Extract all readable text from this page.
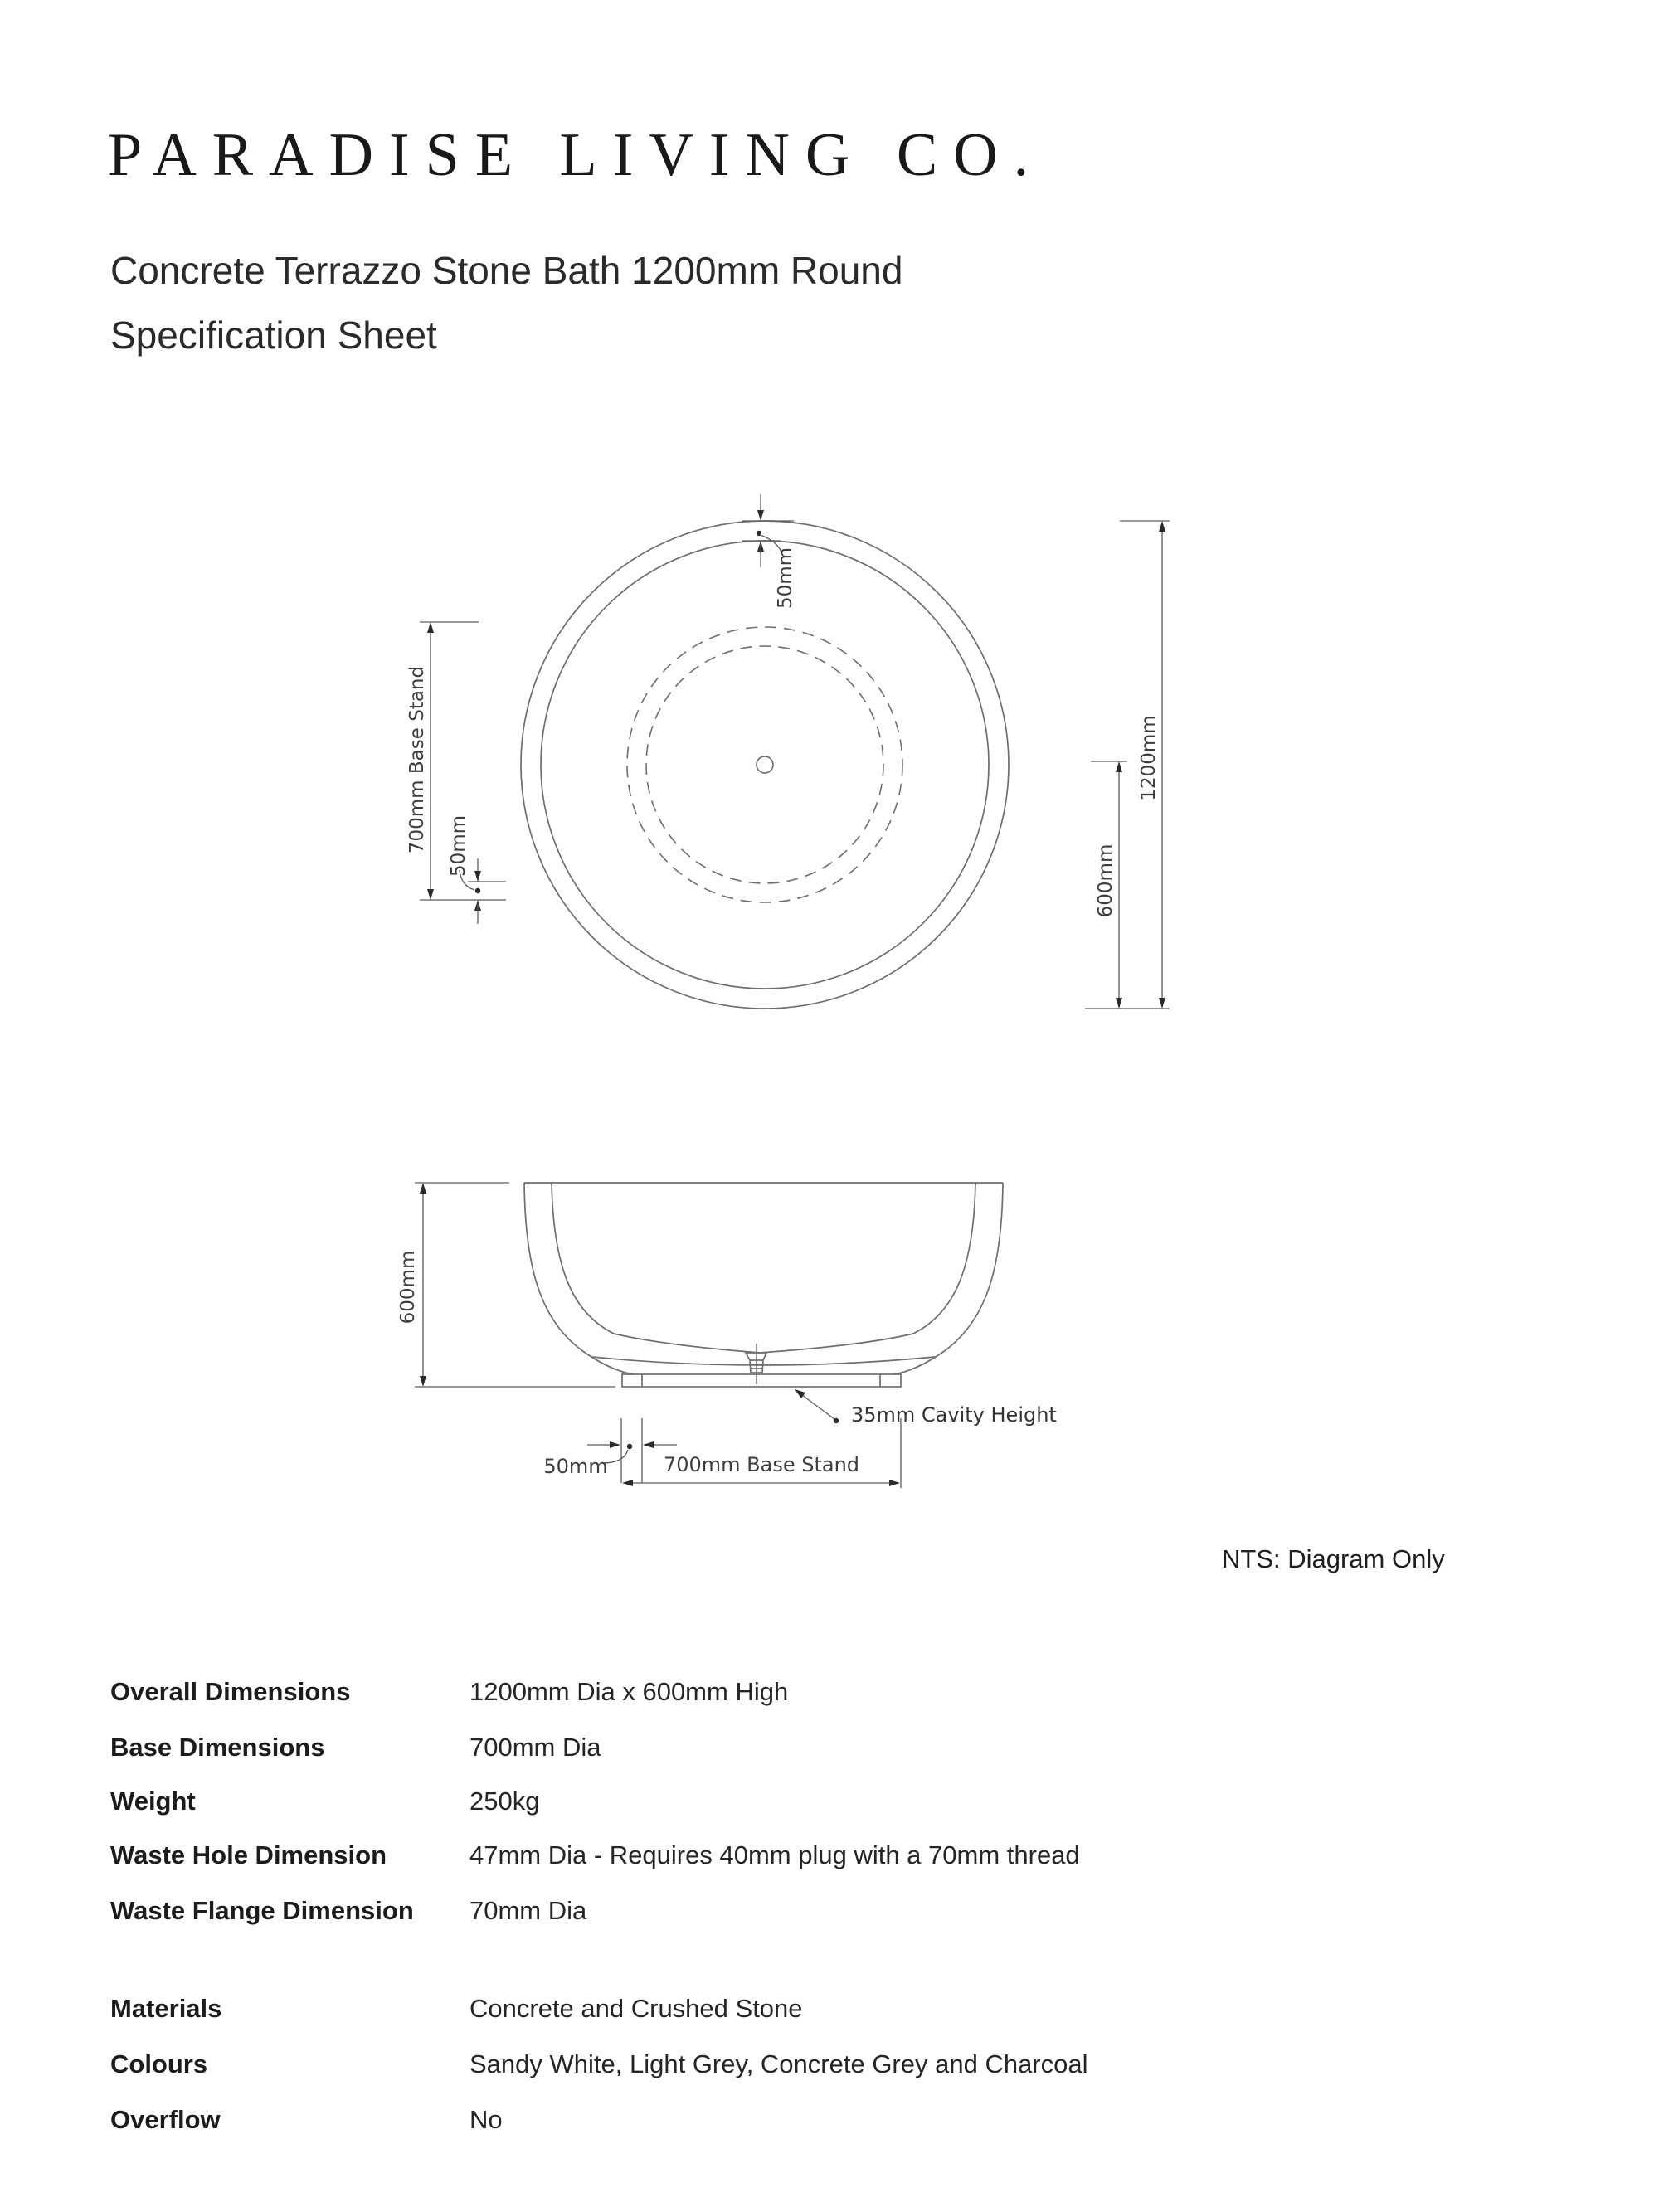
PARADISE LIVING CO.
Concrete Terrazzo Stone Bath 1200mm Round
Specification Sheet
50mm
700mm Base Stand 50mm
1200mm
600mm
600mm
35mm Cavity Height
50mm	700mm Base Stand
NTS: Diagram Only
Overall Dimensions	1200mm Dia x 600mm High
Base Dimensions	700mm Dia
Weight	250kg
Waste Hole Dimension	47mm Dia - Requires 40mm plug with a 70mm thread
Waste Flange Dimension 70mm Dia
Materials	Concrete and Crushed Stone
Colours	Sandy White, Light Grey, Concrete Grey and Charcoal
Overflow	No
